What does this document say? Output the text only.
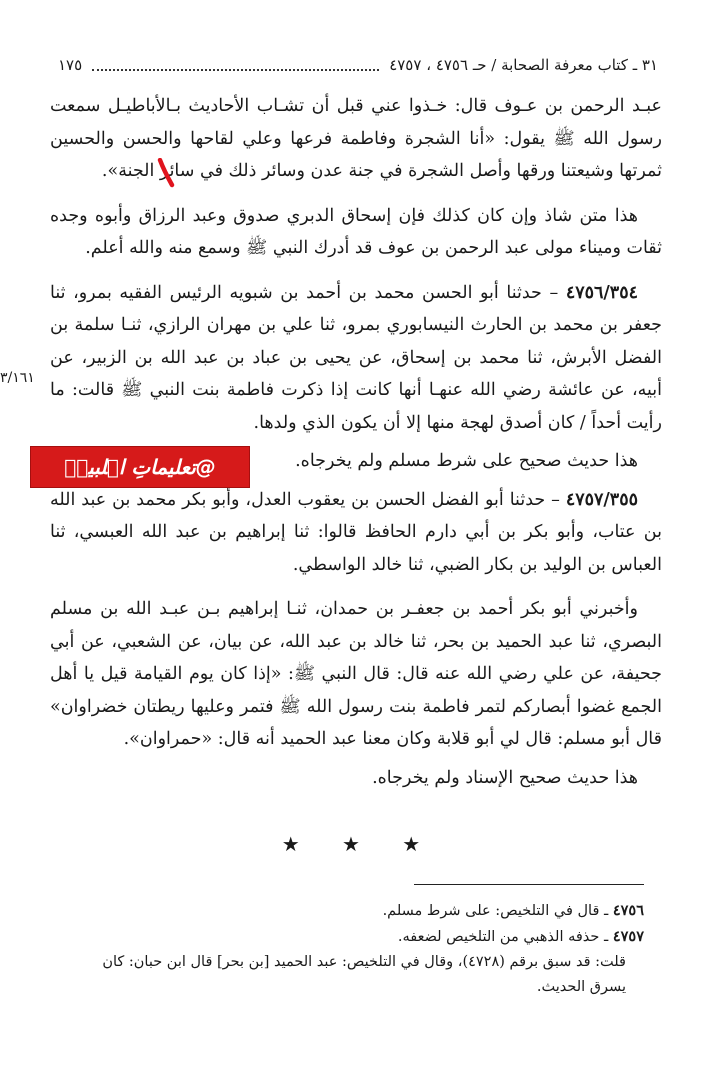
٣١ ـ كتاب معرفة الصحابة / حـ ٤٧٥٦ ، ٤٧٥٧
١٧٥

عبـد الرحمن بن عـوف قال: خـذوا عني قبل أن تشـاب الأحاديث بـالأباطيـل سمعت رسول الله ﷺ يقول: «أنا الشجرة وفاطمة فرعها وعلي لقاحها والحسن والحسين ثمرتها وشيعتنا ورقها وأصل الشجرة في جنة عدن وسائر ذلك في سائر الجنة».

هذا متن شاذ وإن كان كذلك فإن إسحاق الدبري صدوق وعبد الرزاق وأبوه وجده ثقات وميناء مولى عبد الرحمن بن عوف قد أدرك النبي ﷺ وسمع منه والله أعلم.

٤٧٥٦/٣٥٤ – حدثنا أبو الحسن محمد بن أحمد بن شبويه الرئيس الفقيه بمرو، ثنا جعفر بن محمد بن الحارث النيسابوري بمرو، ثنا علي بن مهران الرازي، ثنـا سلمة بن الفضل الأبرش، ثنا محمد بن إسحاق، عن يحيى بن عباد بن عبد الله بن الزبير، عن أبيه، عن عائشة رضي الله عنهـا أنها كانت إذا ذكرت فاطمة بنت النبي ﷺ قالت: ما رأيت أحداً / كان أصدق لهجة منها إلا أن يكون الذي ولدها.

هذا حديث صحيح على شرط مسلم ولم يخرجاه.

٤٧٥٧/٣٥٥ – حدثنا أبو الفضل الحسن بن يعقوب العدل، وأبو بكر محمد بن عبد الله بن عتاب، وأبو بكر بن أبي دارم الحافظ قالوا: ثنا إبراهيم بن عبد الله العبسي، ثنا العباس بن الوليد بن بكار الضبي، ثنا خالد الواسطي.

وأخبرني أبو بكر أحمد بن جعفـر بن حمدان، ثنـا إبراهيم بـن عبـد الله بن مسلم البصري، ثنا عبد الحميد بن بحر، ثنا خالد بن عبد الله، عن بيان، عن الشعبي، عن أبي جحيفة، عن علي رضي الله عنه قال: قال النبي ﷺ: «إذا كان يوم القيامة قيل يا أهل الجمع غضوا أبصاركم لتمر فاطمة بنت رسول الله ﷺ فتمر وعليها ريطتان خضراوان» قال أبو مسلم: قال لي أبو قلابة وكان معنا عبد الحميد أنه قال: «حمراوان».

هذا حديث صحيح الإسناد ولم يخرجاه.

٣/١٦١
@تعليماتِ اہلبیتؑ
★ ★ ★

٤٧٥٦ ـ قال في التلخيص: على شرط مسلم.

٤٧٥٧ ـ حذفه الذهبي من التلخيص لضعفه.

قلت: قد سبق برقم (٤٧٢٨)، وقال في التلخيص: عبد الحميد [بن بحر] قال ابن حبان: كان

يسرق الحديث.
